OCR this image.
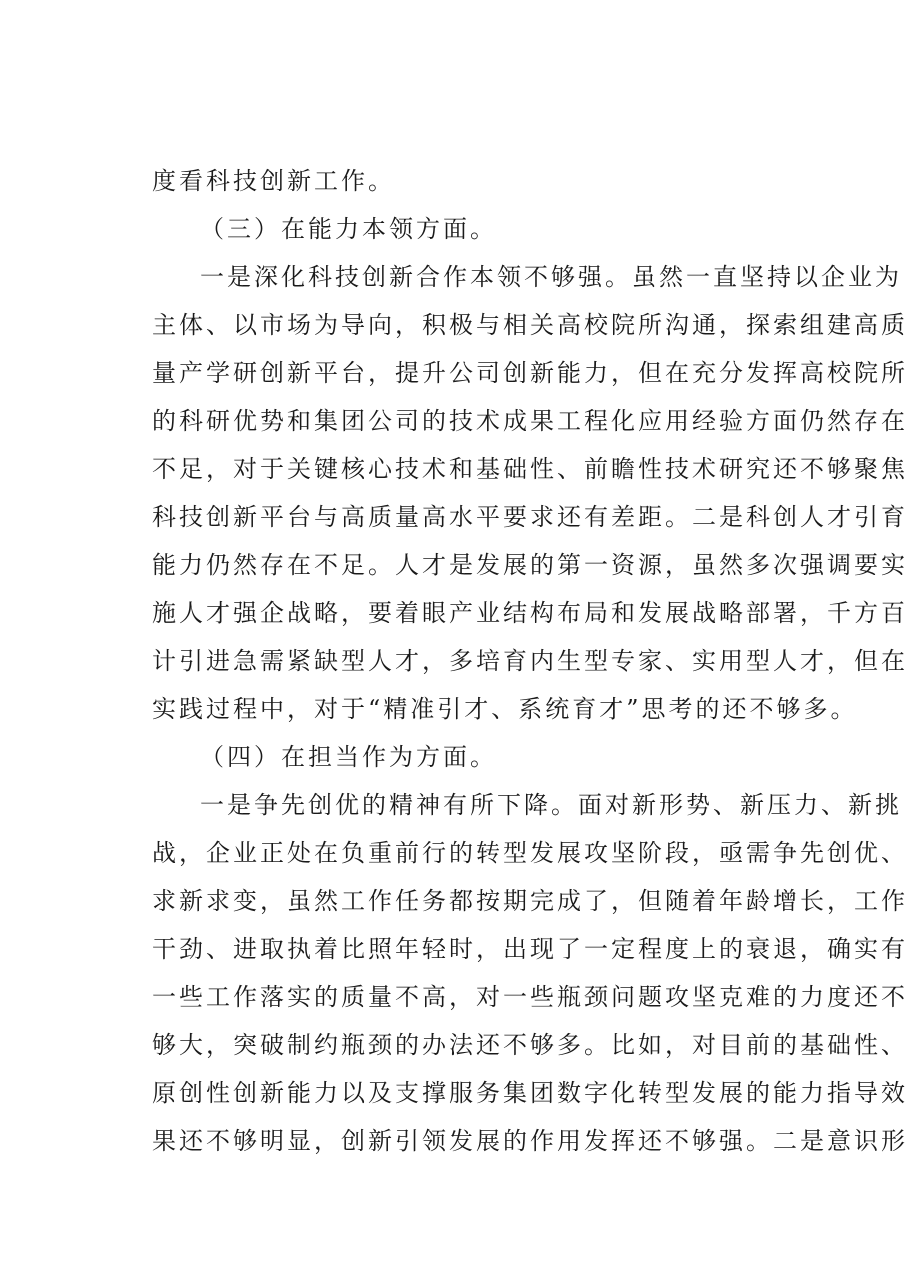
度看科技创新工作。
（三）在能力本领方面。
一是深化科技创新合作本领不够强。虽然一直坚持以企业为
主体、以市场为导向，积极与相关高校院所沟通，探索组建高质
量产学研创新平台，提升公司创新能力，但在充分发挥高校院所
的科研优势和集团公司的技术成果工程化应用经验方面仍然存在
不足，对于关键核心技术和基础性、前瞻性技术研究还不够聚焦
科技创新平台与高质量高水平要求还有差距。二是科创人才引育
能力仍然存在不足。人才是发展的第一资源，虽然多次强调要实
施人才强企战略，要着眼产业结构布局和发展战略部署，千方百
计引进急需紧缺型人才，多培育内生型专家、实用型人才，但在
实践过程中，对于“精准引才、系统育才”思考的还不够多。
（四）在担当作为方面。
一是争先创优的精神有所下降。面对新形势、新压力、新挑
战，企业正处在负重前行的转型发展攻坚阶段，亟需争先创优、
求新求变，虽然工作任务都按期完成了，但随着年龄增长，工作
干劲、进取执着比照年轻时，出现了一定程度上的衰退，确实有
一些工作落实的质量不高，对一些瓶颈问题攻坚克难的力度还不
够大，突破制约瓶颈的办法还不够多。比如，对目前的基础性、
原创性创新能力以及支撑服务集团数字化转型发展的能力指导效
果还不够明显，创新引领发展的作用发挥还不够强。二是意识形
